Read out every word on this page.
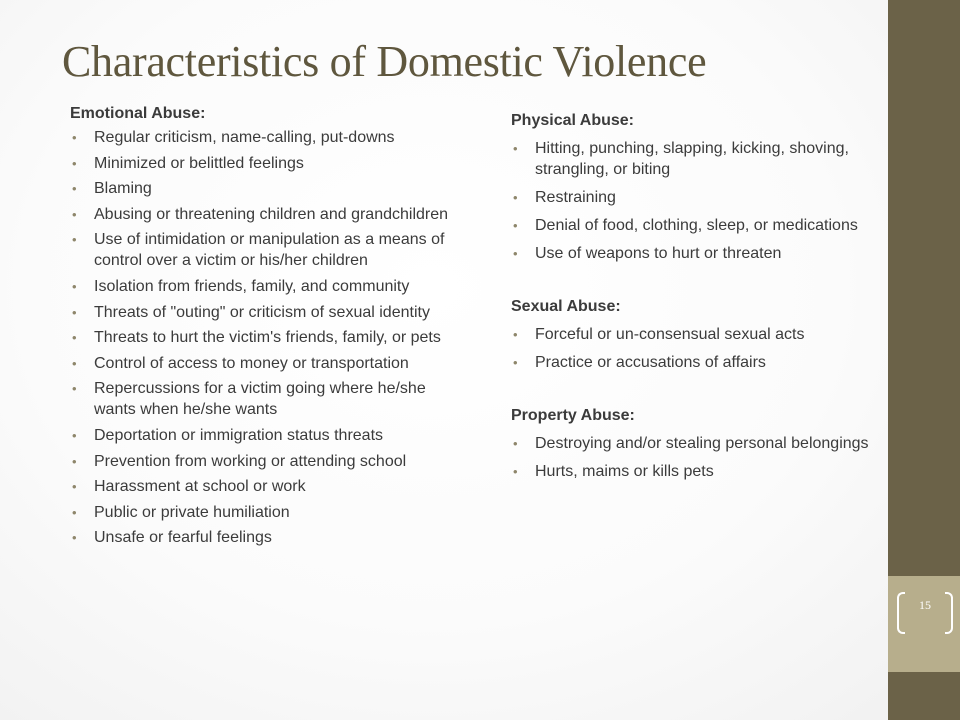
Characteristics of Domestic Violence

Emotional Abuse:

• Regular criticism, name-calling, put-downs
• Minimized or belittled feelings
• Blaming
• Abusing or threatening children and grandchildren
• Use of intimidation or manipulation as a means of control over a victim or his/her children
• Isolation from friends, family, and community
• Threats of "outing" or criticism of sexual identity
• Threats to hurt the victim's friends, family, or pets
• Control of access to money or transportation
• Repercussions for a victim going where he/she wants when he/she wants
• Deportation or immigration status threats
• Prevention from working or attending school
• Harassment at school or work
• Public or private humiliation
• Unsafe or fearful feelings

Physical Abuse:

• Hitting, punching, slapping, kicking, shoving, strangling, or biting
• Restraining
• Denial of food, clothing, sleep, or medications
• Use of weapons to hurt or threaten

Sexual Abuse:

• Forceful or un-consensual sexual acts
• Practice or accusations of affairs

Property Abuse:

• Destroying and/or stealing personal belongings
• Hurts, maims or kills pets
15
